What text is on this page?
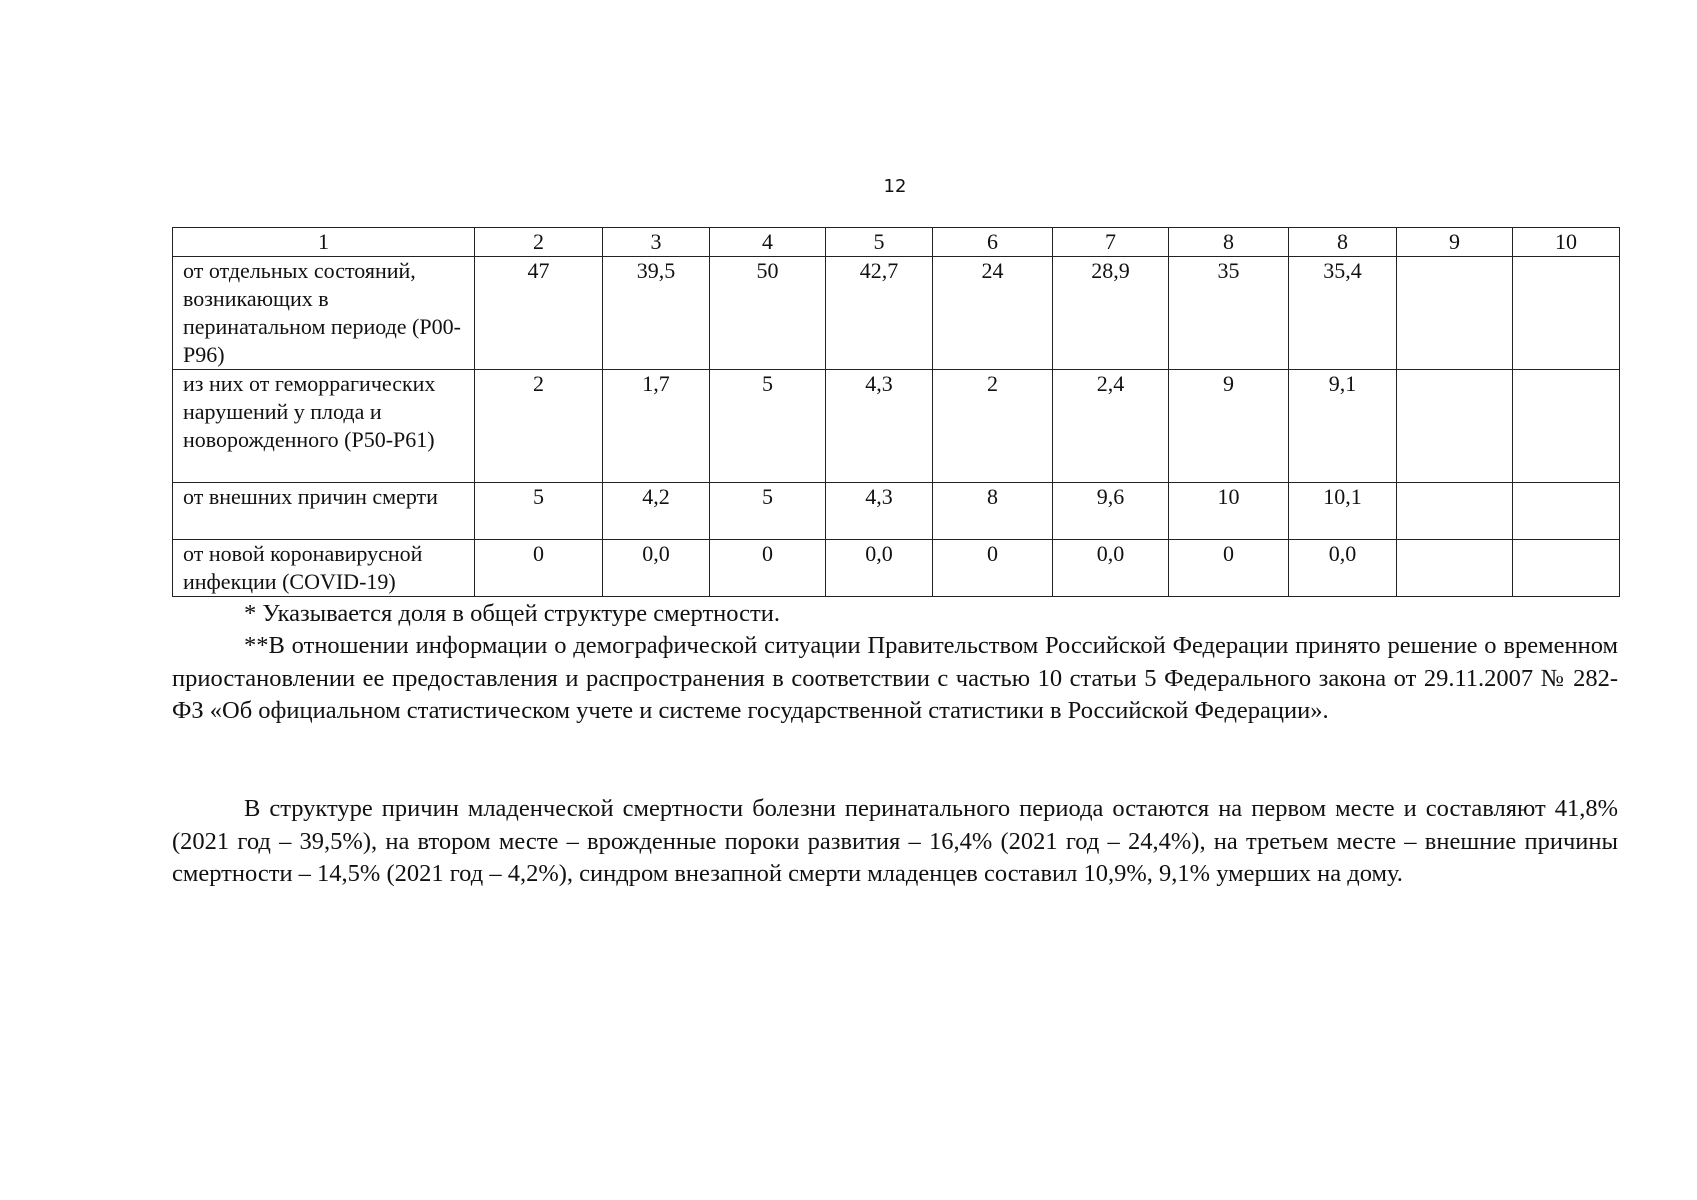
12
1	2	3	4	5	6	7	8	8	9	10
от отдельных состояний, возникающих в перинатальном периоде (P00-P96)	47	39,5	50	42,7	24	28,9	35	35,4		
из них от геморрагических нарушений у плода и новорожденного (P50-P61)	2	1,7	5	4,3	2	2,4	9	9,1		
от внешних причин смерти	5	4,2	5	4,3	8	9,6	10	10,1		
от новой коронавирусной инфекции (COVID-19)	0	0,0	0	0,0	0	0,0	0	0,0		
* Указывается доля в общей структуре смертности.
**В отношении информации о демографической ситуации Правительством Российской Федерации принято решение о временном приостановлении ее предоставления и распространения в соответствии с частью 10 статьи 5 Федерального закона от 29.11.2007 № 282-ФЗ «Об официальном статистическом учете и системе государственной статистики в Российской Федерации».
В структуре причин младенческой смертности болезни перинатального периода остаются на первом месте и составляют 41,8% (2021 год – 39,5%), на втором месте – врожденные пороки развития – 16,4% (2021 год – 24,4%), на третьем месте – внешние причины смертности – 14,5% (2021 год – 4,2%), синдром внезапной смерти младенцев составил 10,9%, 9,1% умерших на дому.
